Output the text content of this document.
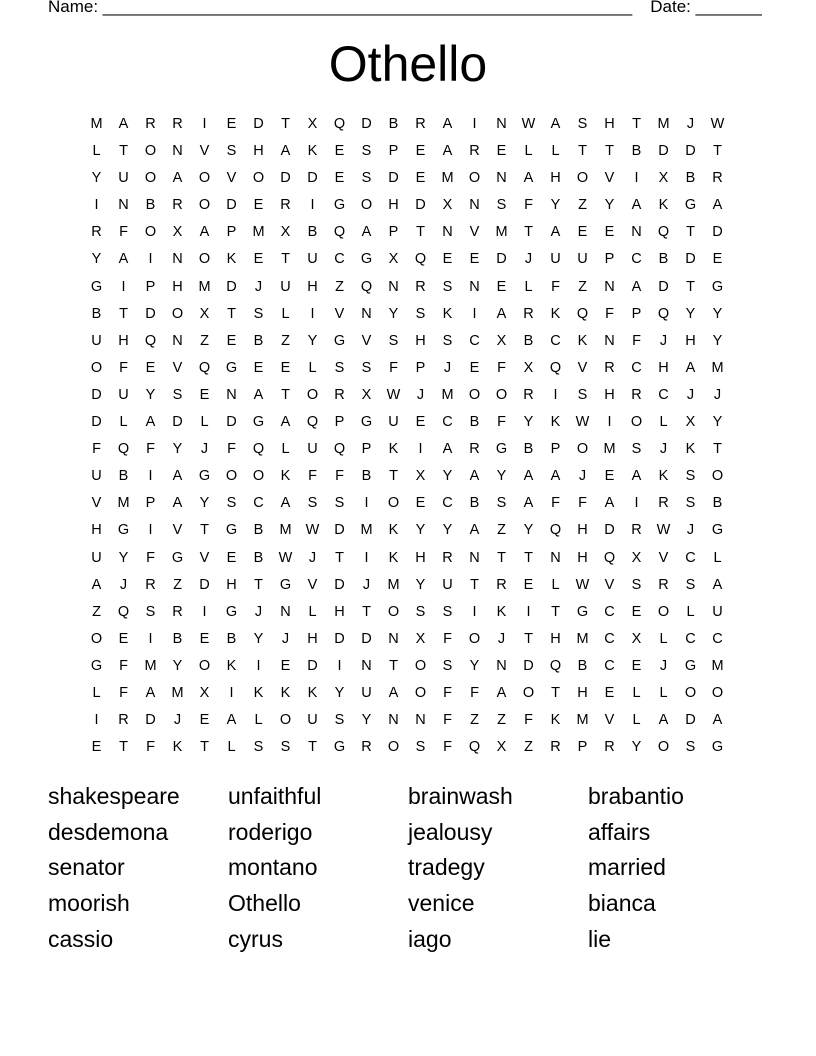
Name: ________________________________________________________ Date: _______
Othello
M	A	R	R	I	E	D	T	X	Q	D	B	R	A	I	N	W	A	S	H	T	M	J	W
L	T	O	N	V	S	H	A	K	E	S	P	E	A	R	E	L	L	T	T	B	D	D	T
Y	U	O	A	O	V	O	D	D	E	S	D	E	M	O	N	A	H	O	V	I	X	B	R
I	N	B	R	O	D	E	R	I	G	O	H	D	X	N	S	F	Y	Z	Y	A	K	G	A
R	F	O	X	A	P	M	X	B	Q	A	P	T	N	V	M	T	A	E	E	N	Q	T	D
Y	A	I	N	O	K	E	T	U	C	G	X	Q	E	E	D	J	U	U	P	C	B	D	E
G	I	P	H	M	D	J	U	H	Z	Q	N	R	S	N	E	L	F	Z	N	A	D	T	G
B	T	D	O	X	T	S	L	I	V	N	Y	S	K	I	A	R	K	Q	F	P	Q	Y	Y
U	H	Q	N	Z	E	B	Z	Y	G	V	S	H	S	C	X	B	C	K	N	F	J	H	Y
O	F	E	V	Q	G	E	E	L	S	S	F	P	J	E	F	X	Q	V	R	C	H	A	M
D	U	Y	S	E	N	A	T	O	R	X	W	J	M	O	O	R	I	S	H	R	C	J	J
D	L	A	D	L	D	G	A	Q	P	G	U	E	C	B	F	Y	K	W	I	O	L	X	Y
F	Q	F	Y	J	F	Q	L	U	Q	P	K	I	A	R	G	B	P	O	M	S	J	K	T
U	B	I	A	G	O	O	K	F	F	B	T	X	Y	A	Y	A	A	J	E	A	K	S	O
V	M	P	A	Y	S	C	A	S	S	I	O	E	C	B	S	A	F	F	A	I	R	S	B
H	G	I	V	T	G	B	M W	D	M	K	Y	Y	A	Z	Y	Q	H	D	R	W	J	G
U	Y	F	G	V	E	B	W	J	T	I	K	H	R	N	T	T	N	H	Q	X	V	C	L
A	J	R	Z	D	H	T	G	V	D	J	M	Y	U	T	R	E	L	W	V	S	R	S	A
Z	Q	S	R	I	G	J	N	L	H	T	O	S	S	I	K	I	T	G	C	E	O	L	U
O	E	I	B	E	B	Y	J	H	D	D	N	X	F	O	J	T	H	M	C	X	L	C	C
G	F	M	Y	O	K	I	E	D	I	N	T	O	S	Y	N	D	Q	B	C	E	J	G	M
L	F	A	M	X	I	K	K	K	Y	U	A	O	F	F	A	O	T	H	E	L	L	O	O
I	R	D	J	E	A	L	O	U	S	Y	N	N	F	Z	Z	F	K	M	V	L	A	D	A
E	T	F	K	T	L	S	S	T	G	R	O	S	F	Q	X	Z	R	P	R	Y	O	S	G
shakespeare	unfaithful	brainwash	brabantio
desdemona	roderigo	jealousy	affairs
senator	montano	tradegy	married
moorish	Othello	venice	bianca
cassio	cyrus	iago	lie
